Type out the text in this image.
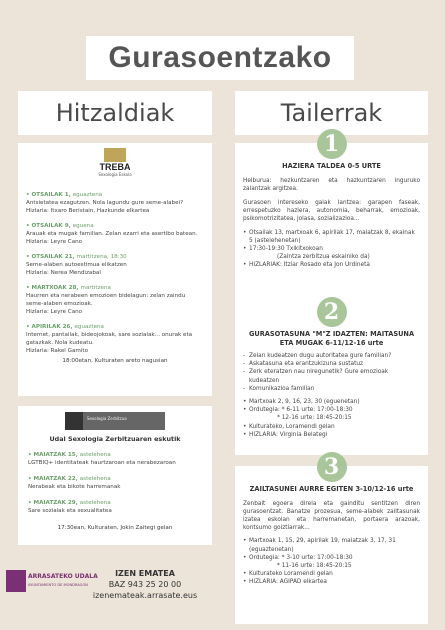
Gurasoentzako
Hitzaldiak	Tailerrak
TREBA
Sexologia Eskola
• OTSAILAK 1, eguaztena

Antsietatea ezagutzen. Nola lagundu gure seme-alabei?

Hizlaria: Itxaro Beristain, Hazkunde elkartea

• OTSAILAK 9, eguena

Arauak eta mugak familian. Zelan ezarri eta asertibo batean.

Hizlaria: Leyre Cano

• OTSAILAK 21, martitzena, 18:30

Seme-alaben autoestimua elikatzen

Hizlaria: Nerea Mendizabal

• MARTXOAK 28, martitzena

Haurren eta nerabeen emozioen bidelagun: zelan zaindu seme-alaben emozioak.

Hizlaria: Leyre Cano

• APIRILAK 26, eguaztena

Internet, pantailak, bideojokoak, sare sozialak... onurak eta gatazkak. Nola kudeatu.

Hizlaria: Rakel Gamito

18:00etan, Kulturaten areto nagusian
Sexologia Zerbitzua
Udal Sexologia Zerbitzuaren eskutik
• MAIATZAK 15, astelehena

LGTBIQ+ identitateak haurtzaroan eta nerabezaroan

• MAIATZAK 22, astelehena

Nerabeak eta bikote harremanak

• MAIATZAK 29, astelehena

Sare sozialak eta sexualitatea

17:30ean, Kulturaten, Jokin Zaitegi gelan
1
HAZIERA TALDEA 0-5 URTE
Helburua: hezkuntzaren eta hazkuntzaren inguruko zalantzak argitzea.
Gurasoen intereseko gaiak lantzea: garapen faseak, errespetuzko haziera, autonomia, beharrak, emozioak, psikomotrizitatea, jolasa, sozializazioa...
• Otsailak 13, martxoak 6, apirilak 17, maiatzak 8, ekainak 5 (astelehenetan)
• 17:30-19:30 Txikitxokoan
(Zaintza zerbitzua eskainiko da)
• HIZLARIAK: Itziar Rosado eta Jon Urdineta
2
GURASOTASUNA "M"Z IDAZTEN: MAITASUNA ETA MUGAK 6-11/12-16 urte
- Zelan kudeatzen dugu autoritatea gure familian?
- Askatasuna eta erantzukizuna sustatuz
- Zerk eteratzen nau niregunetik? Gure emozioak kudeatzen
- Komunikazioa familian
• Martxoak 2, 9, 16, 23, 30 (eguenetan)
• Ordutegia: * 6-11 urte: 17:00-18:30
* 12-16 urte: 18:45-20:15
• Kulturateko, Loramendi gelan
• HIZLARIA: Virginia Belategi
3
ZAILTASUNEI AURRE EGITEN 3-10/12-16 urte
Zenbait egoera direla eta gainditu sentitzen diren gurasoentzat. Banatze prozesua, seme-alabek zailtasunak izatea eskolan eta harremanetan, portaera arazoak, kontsumo goiztiarrak...
• Martxoak 1, 15, 29, apirilak 19, maiatzak 3, 17, 31 (eguaztenetan)
• Ordutegia: * 3-10 urte: 17:00-18:30
* 11-16 urte: 18:45-20:15
• Kulturateko Loramendi gelan
• HIZLARIA: AGIPAD elkartea
ARRASATEKO UDALA
AYUNTAMIENTO DE MONDRAGÓN
IZEN EMATEA
BAZ 943 25 20 00
izenemateak.arrasate.eus
